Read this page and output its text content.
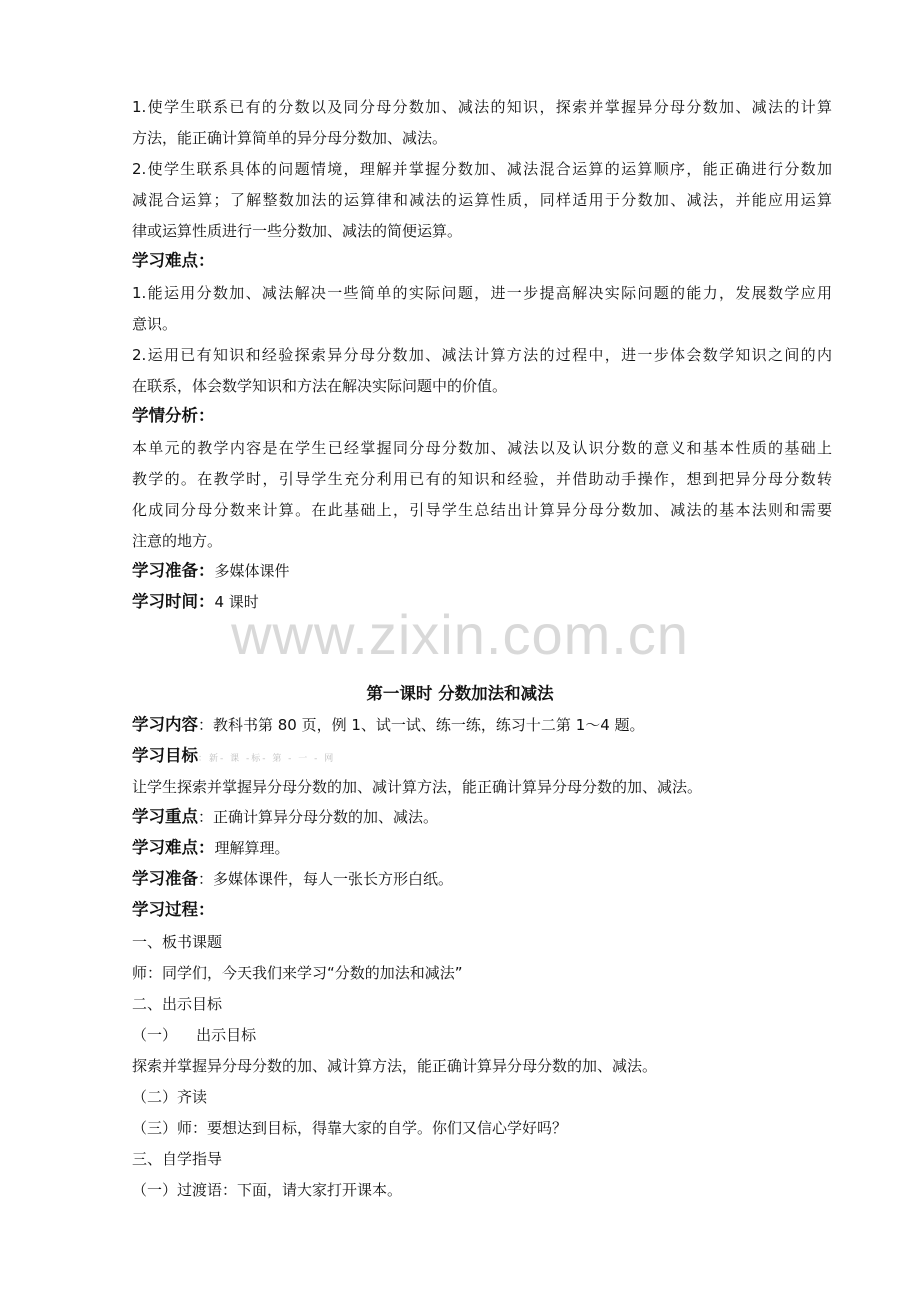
1.使学生联系已有的分数以及同分母分数加、减法的知识，探索并掌握异分母分数加、减法的计算
方法，能正确计算简单的异分母分数加、减法。
2.使学生联系具体的问题情境，理解并掌握分数加、减法混合运算的运算顺序，能正确进行分数加
减混合运算；了解整数加法的运算律和减法的运算性质，同样适用于分数加、减法，并能应用运算
律或运算性质进行一些分数加、减法的简便运算。
学习难点：
1.能运用分数加、减法解决一些简单的实际问题，进一步提高解决实际问题的能力，发展数学应用
意识。
2.运用已有知识和经验探索异分母分数加、减法计算方法的过程中，进一步体会数学知识之间的内
在联系，体会数学知识和方法在解决实际问题中的价值。
学情分析：
本单元的教学内容是在学生已经掌握同分母分数加、减法以及认识分数的意义和基本性质的基础上
教学的。在教学时，引导学生充分利用已有的知识和经验，并借助动手操作，想到把异分母分数转
化成同分母分数来计算。在此基础上，引导学生总结出计算异分母分数加、减法的基本法则和需要
注意的地方。
学习准备：多媒体课件
学习时间：4 课时
www.zixin.com.cn
第一课时 分数加法和减法
学习内容：教科书第 80 页，例 1、试一试、练一练，练习十二第 1～4 题。
学习目标：新- 课 -标- 第 - 一 - 网
让学生探索并掌握异分母分数的加、减计算方法，能正确计算异分母分数的加、减法。
学习重点：正确计算异分母分数的加、减法。
学习难点：理解算理。
学习准备：多媒体课件，每人一张长方形白纸。
学习过程：
一、板书课题
师：同学们，今天我们来学习“分数的加法和减法”
二、出示目标
（一）    出示目标
探索并掌握异分母分数的加、减计算方法，能正确计算异分母分数的加、减法。
（二）齐读
（三）师：要想达到目标，得靠大家的自学。你们又信心学好吗？
三、自学指导
（一）过渡语：下面，请大家打开课本。
